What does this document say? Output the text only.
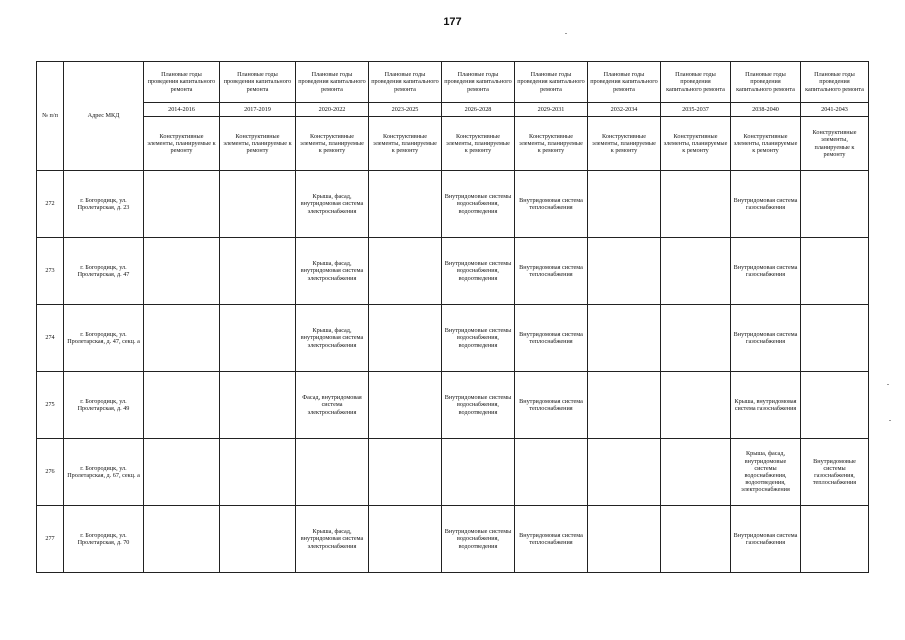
177
№ п/п	Адрес МКД	Плановые годы проведения капитального ремонта	Плановые годы проведения капитального ремонта	Плановые годы проведения капитального ремонта	Плановые годы проведения капитального ремонта	Плановые годы проведения капитального ремонта	Плановые годы проведения капитального ремонта	Плановые годы проведения капитального ремонта	Плановые годы проведения капитального ремонта	Плановые годы проведения капитального ремонта	Плановые годы проведения капитального ремонта
		2014-2016	2017-2019	2020-2022	2023-2025	2026-2028	2029-2031	2032-2034	2035-2037	2038-2040	2041-2043
		Конструктивные элементы, планируемые к ремонту	Конструктивные элементы, планируемые к ремонту	Конструктивные элементы, планируемые к ремонту	Конструктивные элементы, планируемые к ремонту	Конструктивные элементы, планируемые к ремонту	Конструктивные элементы, планируемые к ремонту	Конструктивные элементы, планируемые к ремонту	Конструктивные элементы, планируемые к ремонту	Конструктивные элементы, планируемые к ремонту	Конструктивные элементы, планируемые к ремонту
272	г. Богородицк, ул. Пролетарская, д. 23			Крыша, фасад, внутридомовая система электроснабжения		Внутридомовые системы водоснабжения, водоотведения	Внутридомовая система теплоснабжения			Внутридомовая система газоснабжения	
273	г. Богородицк, ул. Пролетарская, д. 47			Крыша, фасад, внутридомовая система электроснабжения		Внутридомовые системы водоснабжения, водоотведения	Внутридомовая система теплоснабжения			Внутридомовая система газоснабжения	
274	г. Богородицк, ул. Пролетарская, д. 47, секц. а			Крыша, фасад, внутридомовая система электроснабжения		Внутридомовые системы водоснабжения, водоотведения	Внутридомовая система теплоснабжения			Внутридомовая система газоснабжения	
275	г. Богородицк, ул. Пролетарская, д. 49			Фасад, внутридомовая система электроснабжения		Внутридомовые системы водоснабжения, водоотведения	Внутридомовая система теплоснабжения			Крыша, внутридомовая система газоснабжения	
276	г. Богородицк, ул. Пролетарская, д. 67, секц. а									Крыша, фасад, внутридомовые системы водоснабжения, водоотведения, электроснабжения	Внутридомовые системы газоснабжения, теплоснабжения
277	г. Богородицк, ул. Пролетарская, д. 70			Крыша, фасад, внутридомовая система электроснабжения		Внутридомовые системы водоснабжения, водоотведения	Внутридомовая система теплоснабжения			Внутридомовая система газоснабжения	
